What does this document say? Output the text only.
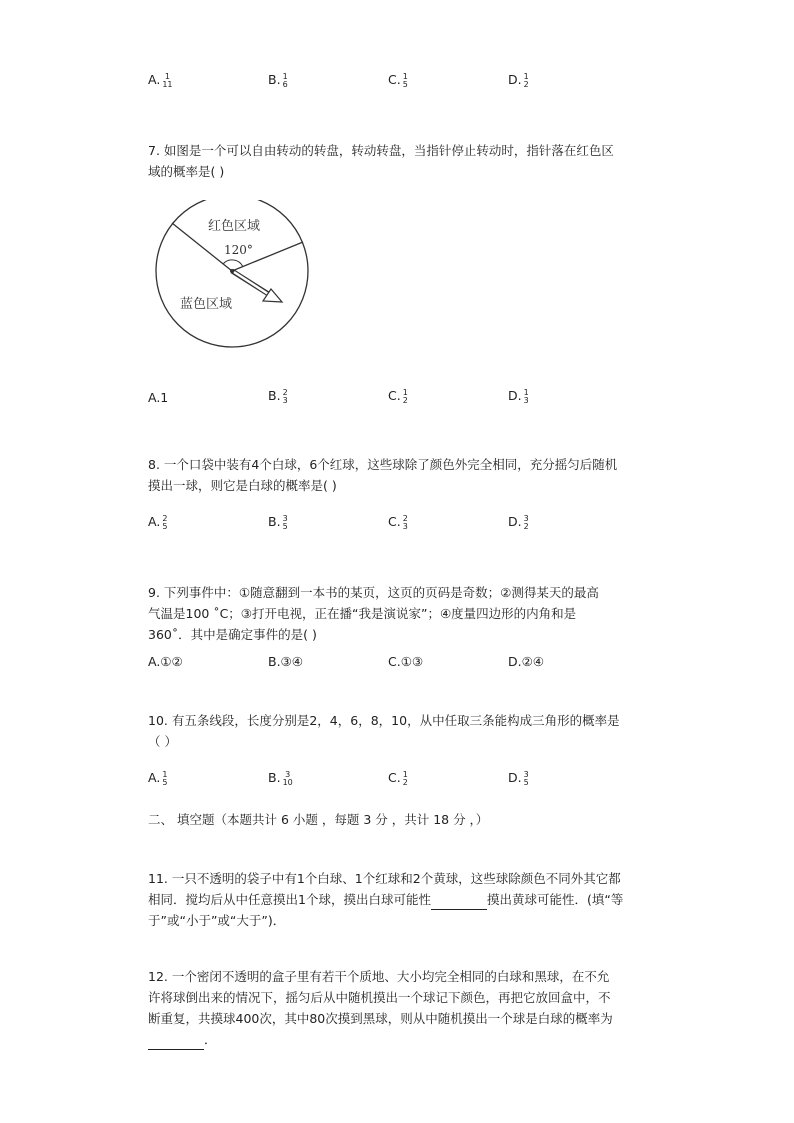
A. 1
11	B. 1
6	C. 1
5	D. 1
2
7. 如图是一个可以自由转动的转盘，转动转盘，当指针停止转动时，指针落在红色区
域的概率是( )
红色区域
120°
蓝色区域
A.1	B. 2
3	C. 1
2	D. 1
3
8. 一个口袋中装有4个白球，6个红球，这些球除了颜色外完全相同，充分摇匀后随机
摸出一球，则它是白球的概率是( )
A. 2
5	B. 3
5	C. 2
3	D. 3
2
9. 下列事件中：①随意翻到一本书的某页，这页的页码是奇数；②测得某天的最高
气温是100 ˚C；③打开电视，正在播“我是演说家”；④度量四边形的内角和是
360˚．其中是确定事件的是( )
A.①②	B.③④	C.①③	D.②④
10. 有五条线段，长度分别是2，4，6，8，10，从中任取三条能构成三角形的概率是
（ ）
A. 1
5	B. 3
10	C. 1
2	D. 3
5
二、 填空题（本题共计 6 小题 ，每题 3 分 ，共计 18 分 ，）
11. 一只不透明的袋子中有1个白球、1个红球和2个黄球，这些球除颜色不同外其它都
相同．搅均后从中任意摸出1个球，摸出白球可能性	摸出黄球可能性．(填“等
于”或“小于”或“大于”)．
12. 一个密闭不透明的盒子里有若干个质地、大小均完全相同的白球和黑球，在不允
许将球倒出来的情况下，摇匀后从中随机摸出一个球记下颜色，再把它放回盒中，不
断重复，共摸球400次，其中80次摸到黑球，则从中随机摸出一个球是白球的概率为
．
